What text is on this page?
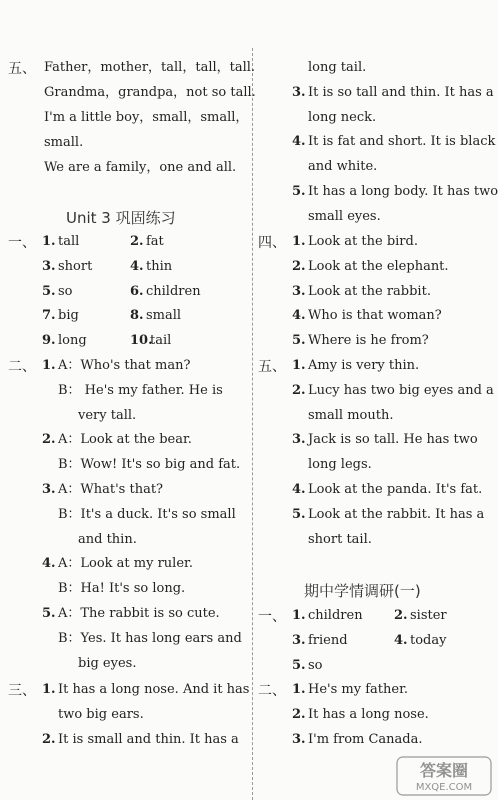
五、 Father，mother，tall，tall，tall.
Grandma，grandpa，not so tall.
I'm a little boy，small，small，
small.
We are a family，one and all.
Unit 3 巩固练习
一、 1. tall	2. fat
3. short	4. thin
5. so	6. children
7. big	8. small
9. long	10.tail
二、 1. A：Who's that man?
B： He's my father. He is
very tall.
2. A：Look at the bear.
B：Wow! It's so big and fat.
3. A：What's that?
B：It's a duck. It's so small
and thin.
4. A：Look at my ruler.
B：Ha! It's so long.
5. A：The rabbit is so cute.
B：Yes. It has long ears and
big eyes.
三、 1. It has a long nose. And it has
two big ears.
2. It is small and thin. It has a
long tail.
3. It is so tall and thin. It has a
long neck.
4. It is fat and short. It is black
and white.
5. It has a long body. It has two
small eyes.
四、 1. Look at the bird.
2. Look at the elephant.
3. Look at the rabbit.
4. Who is that woman?
5. Where is he from?
五、 1. Amy is very thin.
2. Lucy has two big eyes and a
small mouth.
3. Jack is so tall. He has two
long legs.
4. Look at the panda. It's fat.
5. Look at the rabbit. It has a
short tail.
期中学情调研(一)
一、 1. children 2. sister
3. friend	4. today
5. so
二、 1. He's my father.
2. It has a long nose.
3. I'm from Canada.
答案圈
MXQE.COM
